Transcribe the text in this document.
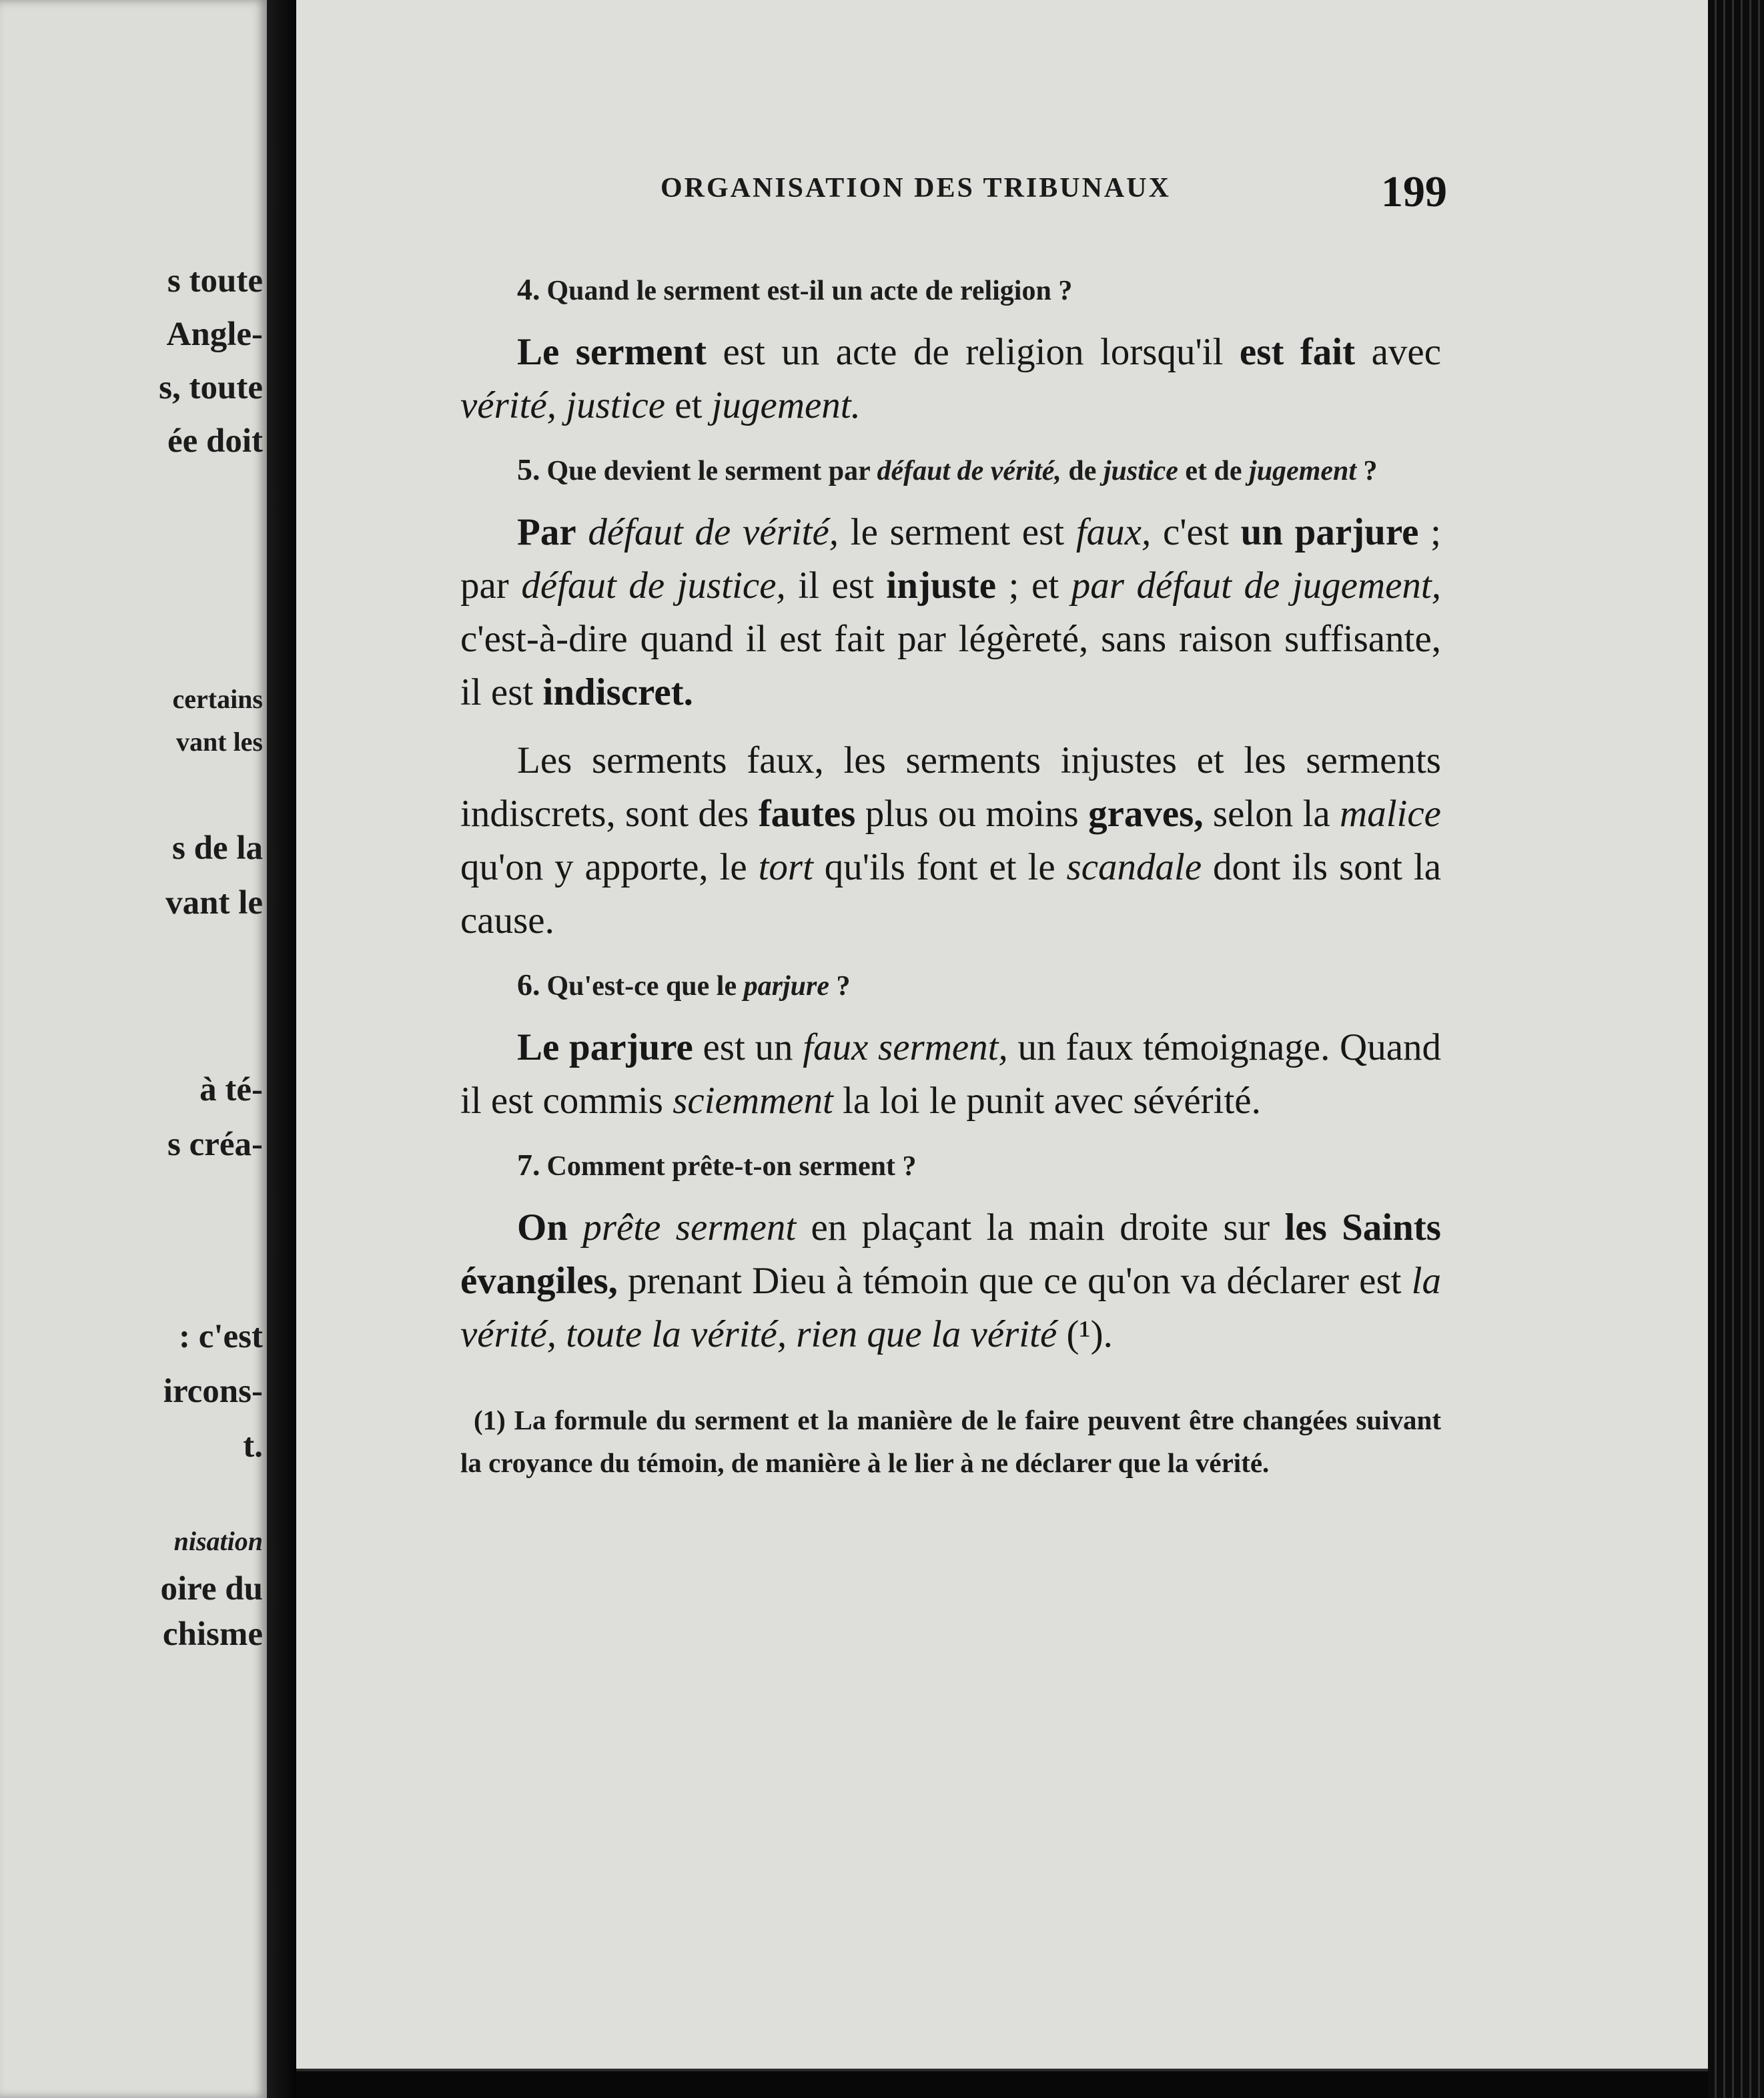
s toute

Angle-

s, toute

ée doit

certains

vant les

s de la

vant le

à té-

s créa-

: c'est

ircons-

t.

nisation

oire du

chisme

ORGANISATION DES TRIBUNAUX	199

4. Quand le serment est-il un acte de religion ?

Le serment est un acte de religion lorsqu'il est fait avec vérité, justice et jugement.

5. Que devient le serment par défaut de vérité, de justice et de jugement ?

Par défaut de vérité, le serment est faux, c'est un parjure ; par défaut de justice, il est injuste ; et par défaut de jugement, c'est-à-dire quand il est fait par légèreté, sans raison suffisante, il est indiscret.

Les serments faux, les serments injustes et les serments indiscrets, sont des fautes plus ou moins graves, selon la malice qu'on y apporte, le tort qu'ils font et le scandale dont ils sont la cause.

6. Qu'est-ce que le parjure ?

Le parjure est un faux serment, un faux témoignage. Quand il est commis sciemment la loi le punit avec sévérité.

7. Comment prête-t-on serment ?

On prête serment en plaçant la main droite sur les Saints évangiles, prenant Dieu à témoin que ce qu'on va déclarer est la vérité, toute la vérité, rien que la vérité (¹).

(1) La formule du serment et la manière de le faire peuvent être changées suivant la croyance du témoin, de manière à le lier à ne déclarer que la vérité.
